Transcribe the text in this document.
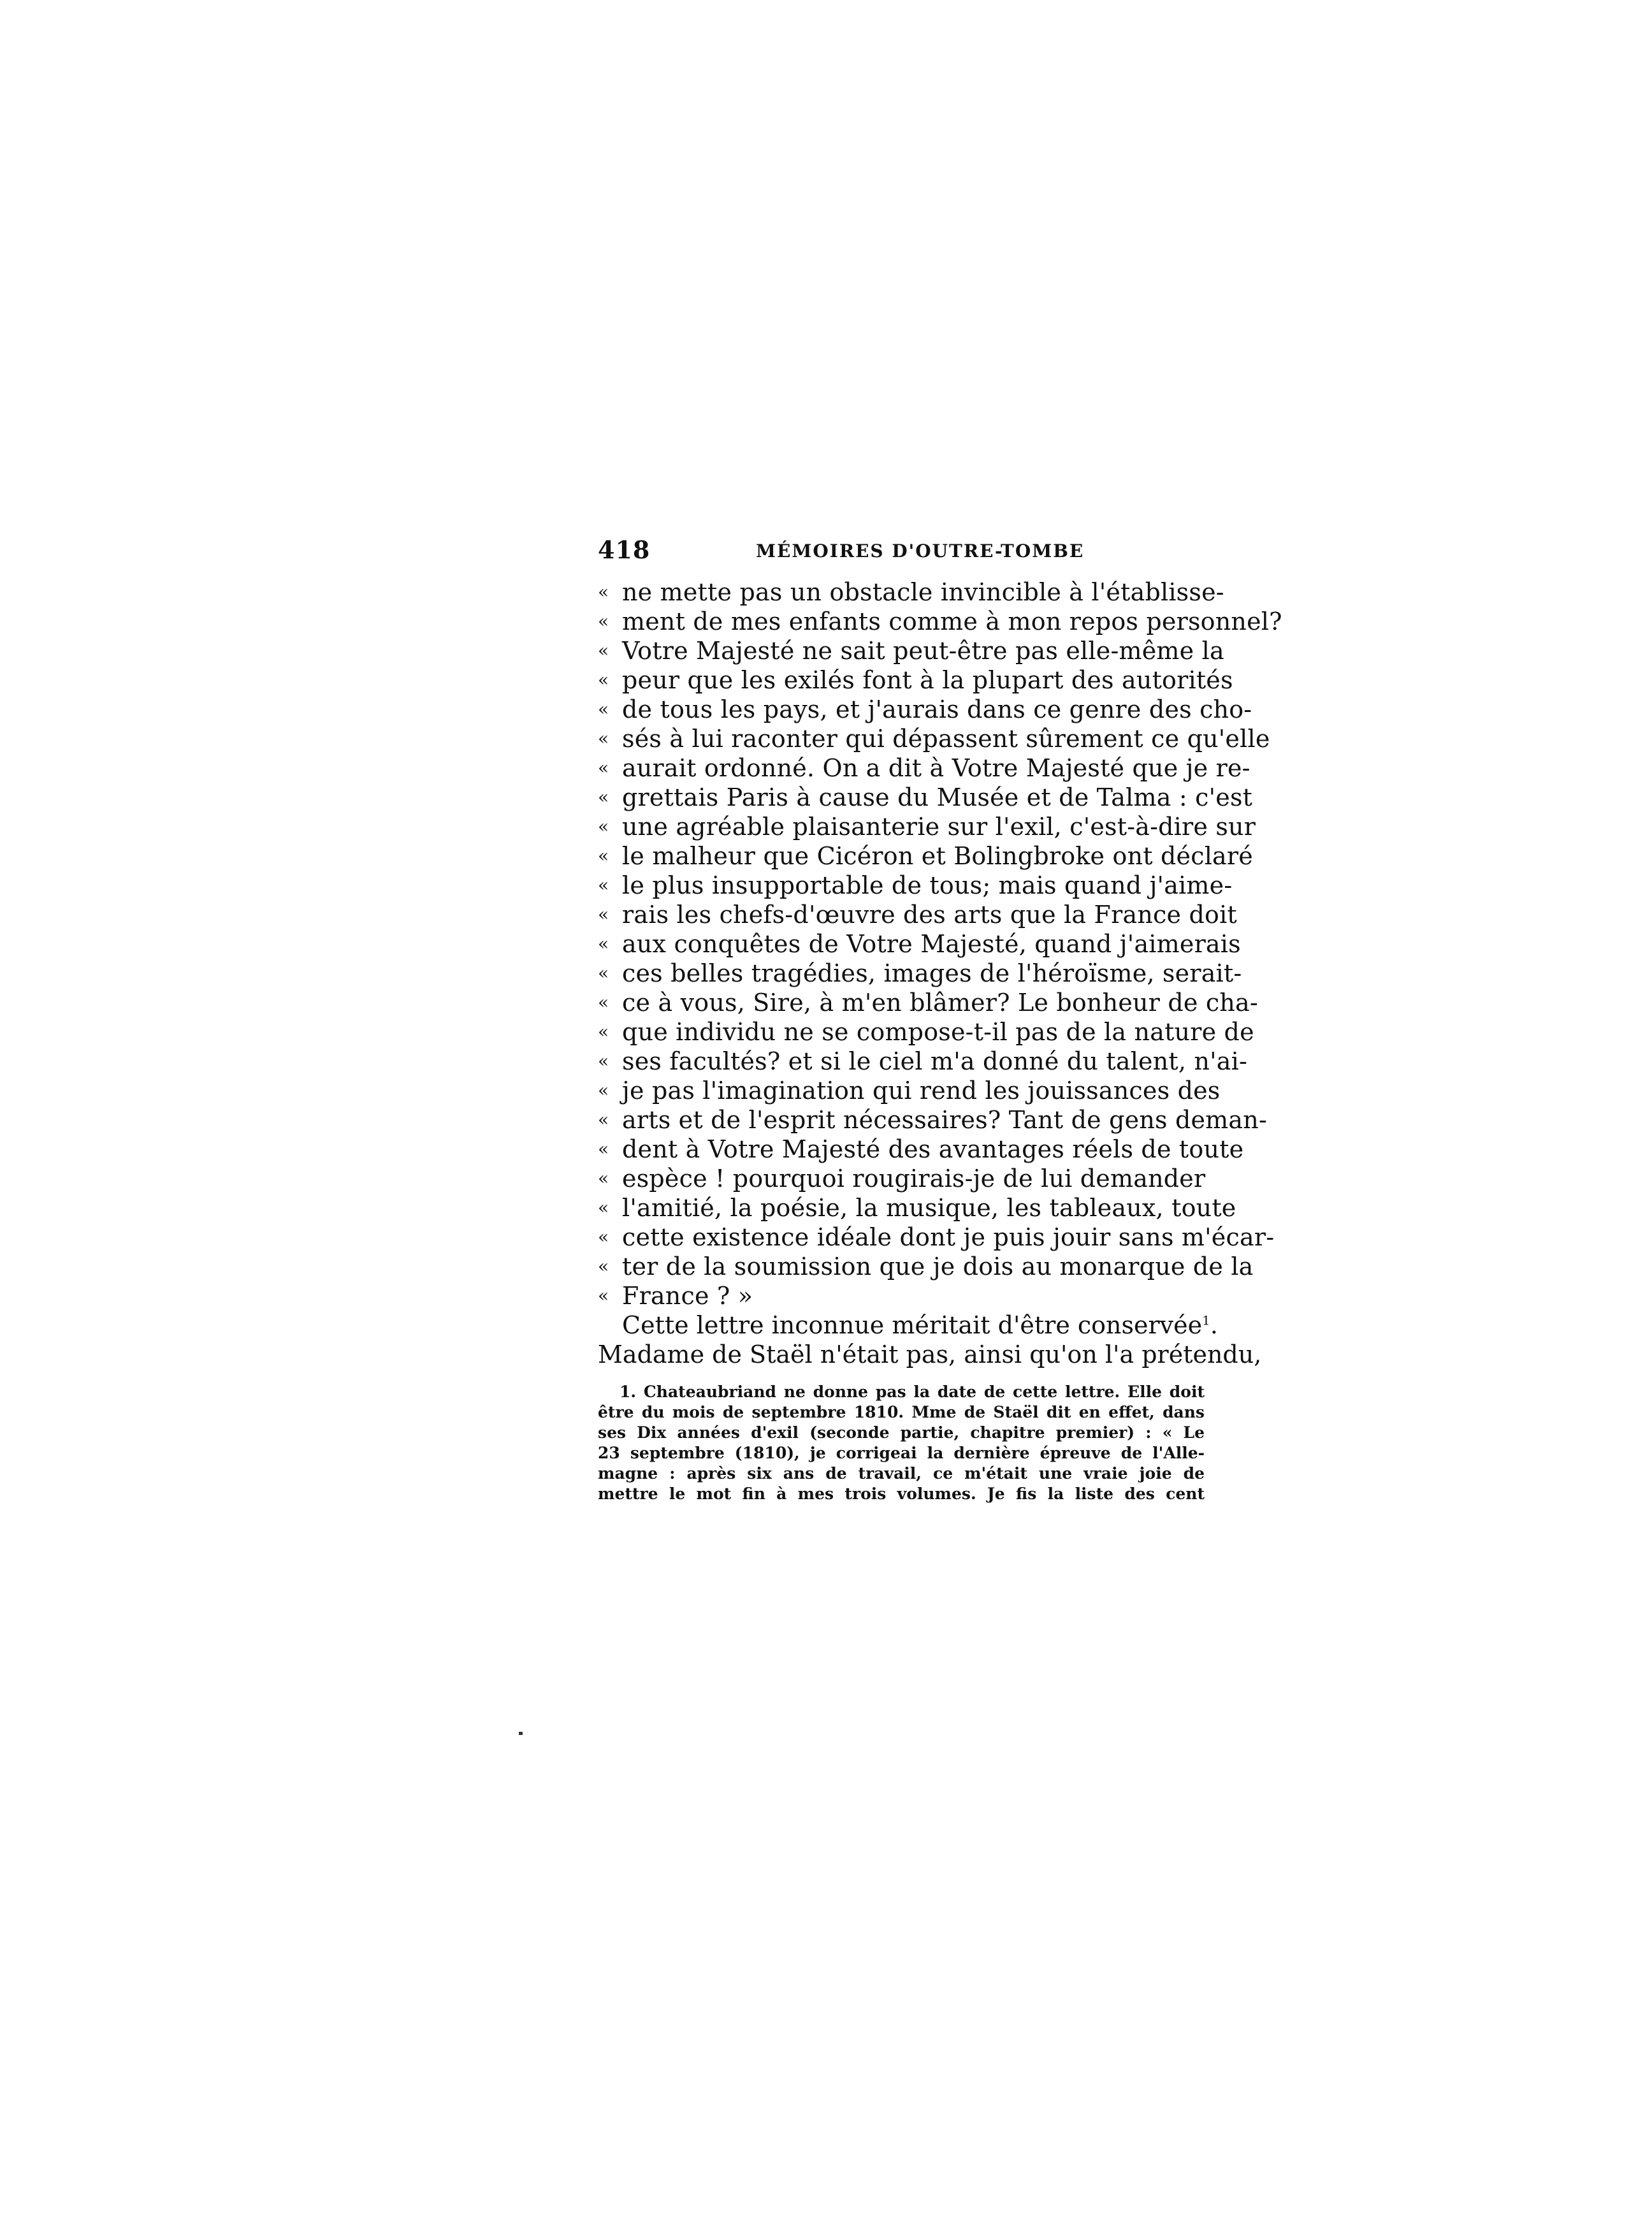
418	MÉMOIRES D'OUTRE-TOMBE
« ne mette pas un obstacle invincible à l'établisse-
« ment de mes enfants comme à mon repos personnel?
« Votre Majesté ne sait peut-être pas elle-même la
« peur que les exilés font à la plupart des autorités
« de tous les pays, et j'aurais dans ce genre des cho-
« sés à lui raconter qui dépassent sûrement ce qu'elle
« aurait ordonné. On a dit à Votre Majesté que je re-
« grettais Paris à cause du Musée et de Talma : c'est
« une agréable plaisanterie sur l'exil, c'est-à-dire sur
« le malheur que Cicéron et Bolingbroke ont déclaré
« le plus insupportable de tous; mais quand j'aime-
« rais les chefs-d'œuvre des arts que la France doit
« aux conquêtes de Votre Majesté, quand j'aimerais
« ces belles tragédies, images de l'héroïsme, serait-
« ce à vous, Sire, à m'en blâmer? Le bonheur de cha-
« que individu ne se compose-t-il pas de la nature de
« ses facultés? et si le ciel m'a donné du talent, n'ai-
« je pas l'imagination qui rend les jouissances des
« arts et de l'esprit nécessaires? Tant de gens deman-
« dent à Votre Majesté des avantages réels de toute
« espèce ! pourquoi rougirais-je de lui demander
« l'amitié, la poésie, la musique, les tableaux, toute
« cette existence idéale dont je puis jouir sans m'écar-
« ter de la soumission que je dois au monarque de la
« France ? »
Cette lettre inconnue méritait d'être conservée$^1$.
Madame de Staël n'était pas, ainsi qu'on l'a prétendu,
1. Chateaubriand ne donne pas la date de cette lettre. Elle doit
être du mois de septembre 1810. Mme de Staël dit en effet, dans
ses Dix années d'exil (seconde partie, chapitre premier) : « Le
23 septembre (1810), je corrigeai la dernière épreuve de l'Alle-
magne : après six ans de travail, ce m'était une vraie joie de
mettre le mot fin à mes trois volumes. Je fis la liste des cent
